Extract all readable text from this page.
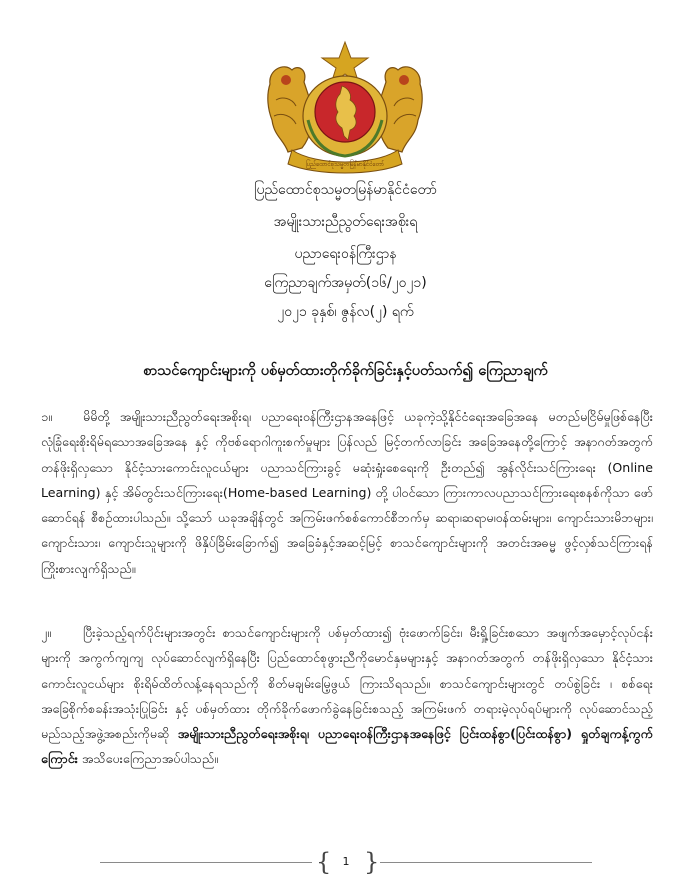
ပြည်ထောင်စုသမ္မတမြန်မာနိုင်ငံတော်
ပြည်ထောင်စုသမ္မတမြန်မာနိုင်ငံတော်
အမျိုးသားညီညွတ်ရေးအစိုးရ
ပညာရေးဝန်ကြီးဌာန
ကြေညာချက်အမှတ်(၁၆/၂၀၂၁)
၂၀၂၁ ခုနှစ်၊ ဇွန်လ(၂) ရက်
စာသင်ကျောင်းများကို ပစ်မှတ်ထားတိုက်ခိုက်ခြင်းနှင့်ပတ်သက်၍ ကြေညာချက်

၁။ မိမိတို့ အမျိုးသားညီညွတ်ရေးအစိုးရ၊ ပညာရေးဝန်ကြီးဌာနအနေဖြင့် ယခုကဲ့သို့နိုင်ငံရေးအခြေအနေ မတည်မငြိမ်မှုဖြစ်နေပြီး လုံခြုံရေးစိုးရိမ်ရသောအခြေအနေ နှင့် ကိုဗစ်ရောဂါကူးစက်မှုများ ပြန်လည် မြင့်တက်လာခြင်း အခြေအနေတို့ကြောင့် အနာဂတ်အတွက် တန်ဖိုးရှိလှသော နိုင်ငံ့သားကောင်းလူငယ်များ ပညာသင်ကြားခွင့် မဆုံးရှုံးစေရေးကို ဦးတည်၍ အွန်လိုင်းသင်ကြားရေး (Online Learning) နှင့် အိမ်တွင်းသင်ကြားရေး(Home-based Learning) တို့ ပါဝင်သော ကြားကာလပညာသင်ကြားရေးစနစ်ကိုသာ ဖော်ဆောင်ရန် စီစဉ်ထားပါသည်။ သို့သော် ယခုအချိန်တွင် အကြမ်းဖက်စစ်ကောင်စီဘက်မှ ဆရာ၊ဆရာမ၊ဝန်ထမ်းများ၊ ကျောင်းသားမိဘများ၊ ကျောင်းသား၊ ကျောင်းသူများကို ဖိနှိပ်ခြိမ်းခြောက်၍ အခြေခံနှင့်အဆင့်မြင့် စာသင်ကျောင်းများကို အတင်းအဓမ္မ ဖွင့်လှစ်သင်ကြားရန် ကြိုးစားလျက်ရှိသည်။

၂။	ပြီးခဲ့သည့်ရက်ပိုင်းများအတွင်း စာသင်ကျောင်းများကို ပစ်မှတ်ထား၍ ဗုံးဖောက်ခြင်း၊ မီးရှို့ခြင်းစသော အဖျက်အမှောင့်လုပ်ငန်းများကို အကွက်ကျကျ လုပ်ဆောင်လျက်ရှိနေပြီး ပြည်ထောင်စုဖွားညီကိုမောင်နှမများနှင့် အနာဂတ်အတွက် တန်ဖိုးရှိလှသော နိုင်ငံ့သားကောင်းလူငယ်များ စိုးရိမ်ထိတ်လန့်နေရသည်ကို စိတ်မချမ်းမြေ့ဖွယ် ကြားသိရသည်။ စာသင်ကျောင်းများတွင် တပ်စွဲခြင်း ၊ စစ်ရေးအခြေစိုက်စခန်းအသုံးပြုခြင်း နှင့် ပစ်မှတ်ထား တိုက်ခိုက်ဖောက်ခွဲနေခြင်းစသည့် အကြမ်းဖက် တရားမဲ့လုပ်ရပ်များကို လုပ်ဆောင်သည့် မည်သည့်အဖွဲ့အစည်းကိုမဆို အမျိုးသားညီညွတ်ရေးအစိုးရ၊ ပညာရေးဝန်ကြီးဌာနအနေဖြင့် ပြင်းထန်စွာ(ပြင်းထန်စွာ) ရှုတ်ချကန့်ကွက်ကြောင်း အသိပေးကြေညာအပ်ပါသည်။

{ }
1
